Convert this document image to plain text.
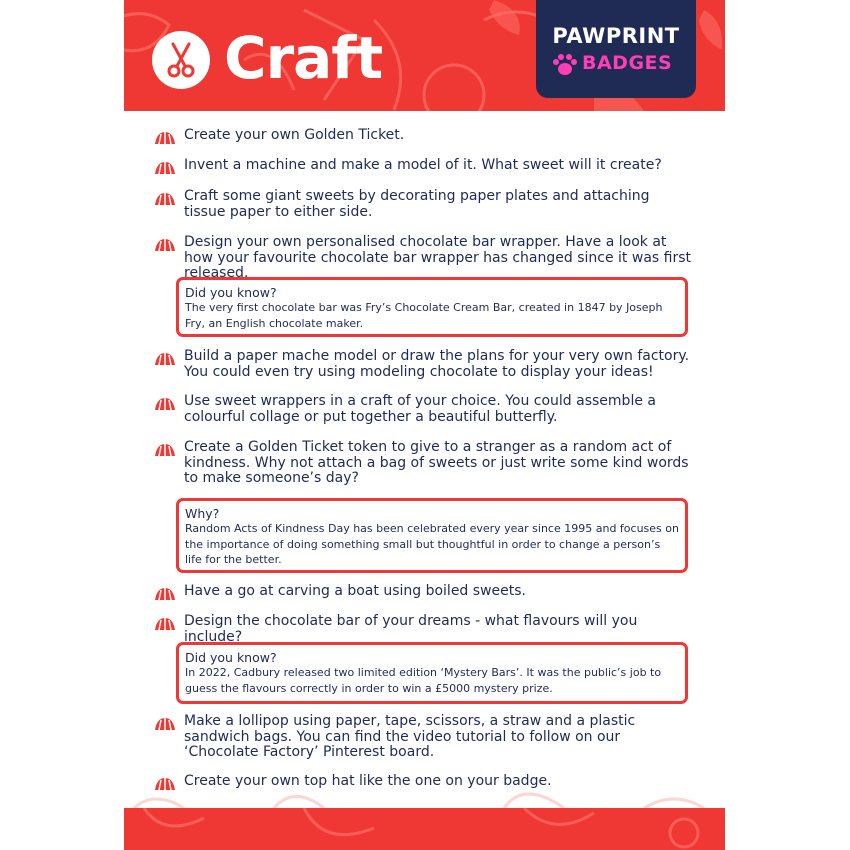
Craft	PAWPRINT
BADGES
Create your own Golden Ticket.
Invent a machine and make a model of it. What sweet will it create?
Craft some giant sweets by decorating paper plates and attaching tissue paper to either side.
Design your own personalised chocolate bar wrapper. Have a look at how your favourite chocolate bar wrapper has changed since it was first released.
Did you know?
The very first chocolate bar was Fry’s Chocolate Cream Bar, created in 1847 by Joseph Fry, an English chocolate maker.
Build a paper mache model or draw the plans for your very own factory. You could even try using modeling chocolate to display your ideas!
Use sweet wrappers in a craft of your choice. You could assemble a colourful collage or put together a beautiful butterfly.
Create a Golden Ticket token to give to a stranger as a random act of kindness. Why not attach a bag of sweets or just write some kind words to make someone’s day?
Why?
Random Acts of Kindness Day has been celebrated every year since 1995 and focuses on the importance of doing something small but thoughtful in order to change a person’s life for the better.
Have a go at carving a boat using boiled sweets.
Design the chocolate bar of your dreams - what flavours will you include?
Did you know?
In 2022, Cadbury released two limited edition ‘Mystery Bars’. It was the public’s job to guess the flavours correctly in order to win a £5000 mystery prize.
Make a lollipop using paper, tape, scissors, a straw and a plastic sandwich bags. You can find the video tutorial to follow on our ‘Chocolate Factory’ Pinterest board.
Create your own top hat like the one on your badge.
